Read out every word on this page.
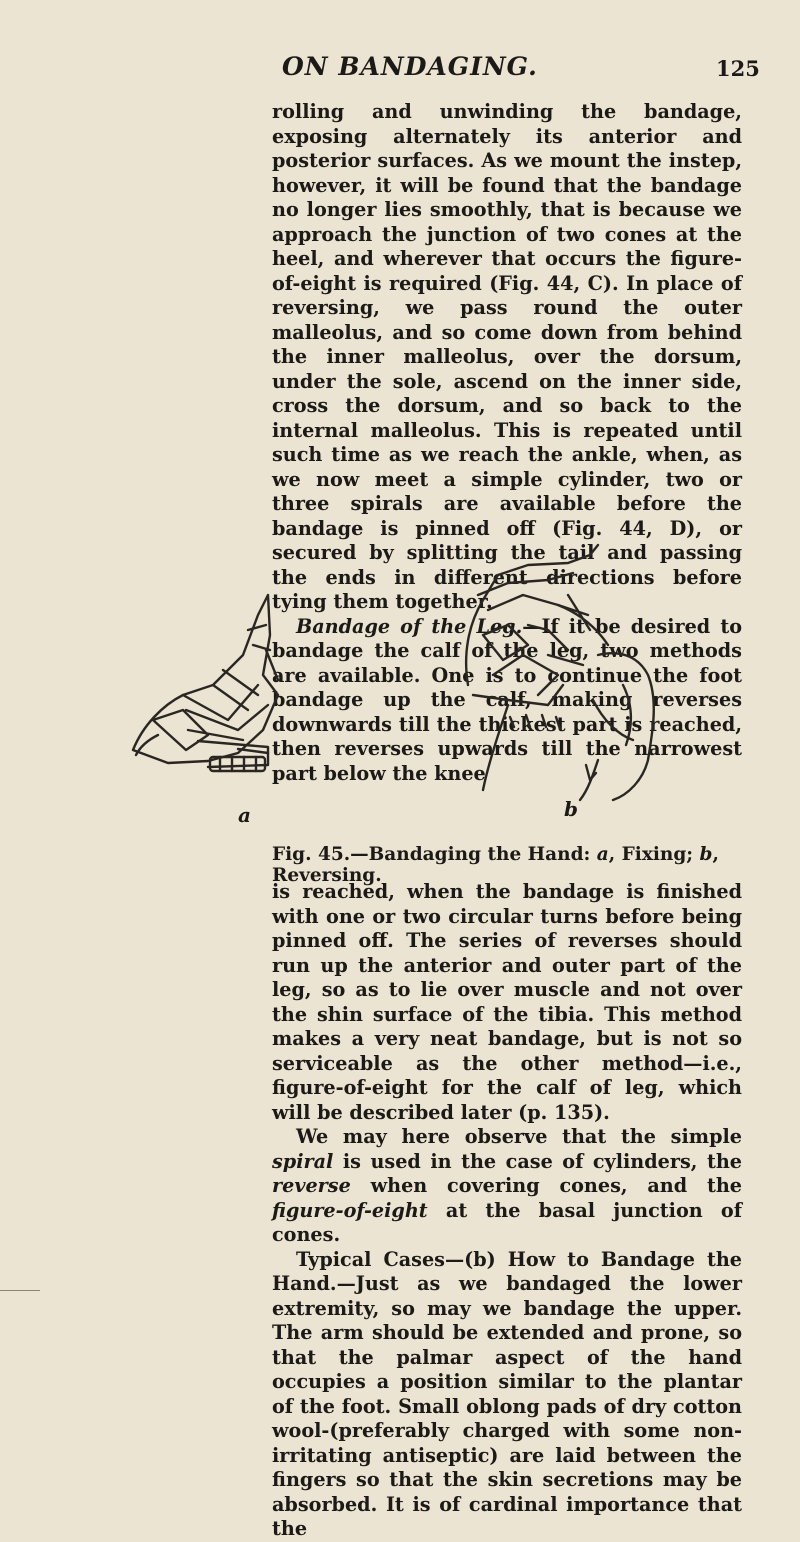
ON BANDAGING.	125

rolling and unwinding the bandage, exposing alternately its anterior and posterior surfaces. As we mount the instep, however, it will be found that the bandage no longer lies smoothly, that is because we approach the junction of two cones at the heel, and wherever that occurs the figure-of-eight is required (Fig. 44, C). In place of reversing, we pass round the outer malleolus, and so come down from behind the inner malleolus, over the dorsum, under the sole, ascend on the inner side, cross the dorsum, and so back to the internal malleolus. This is repeated until such time as we reach the ankle, when, as we now meet a simple cylinder, two or three spirals are available before the bandage is pinned off (Fig. 44, D), or secured by splitting the tail and passing the ends in different directions before tying them together.

Bandage of the Leg.—If it be desired to bandage the calf of the leg, two methods are available. One is to continue the foot bandage up the calf, making reverses downwards till the thickest part is reached, then reverses upwards till the narrowest part below the knee

a	b
Fig. 45.—Bandaging the Hand: a, Fixing; b, Reversing.

is reached, when the bandage is finished with one or two circular turns before being pinned off. The series of reverses should run up the anterior and outer part of the leg, so as to lie over muscle and not over the shin surface of the tibia. This method makes a very neat bandage, but is not so serviceable as the other method—i.e., figure-of-eight for the calf of leg, which will be described later (p. 135).

We may here observe that the simple spiral is used in the case of cylinders, the reverse when covering cones, and the figure-of-eight at the basal junction of cones.

Typical Cases—(b) How to Bandage the Hand.—Just as we bandaged the lower extremity, so may we bandage the upper. The arm should be extended and prone, so that the palmar aspect of the hand occupies a position similar to the plantar of the foot. Small oblong pads of dry cotton wool-(preferably charged with some non-irritating antiseptic) are laid between the fingers so that the skin secretions may be absorbed. It is of cardinal importance that the
